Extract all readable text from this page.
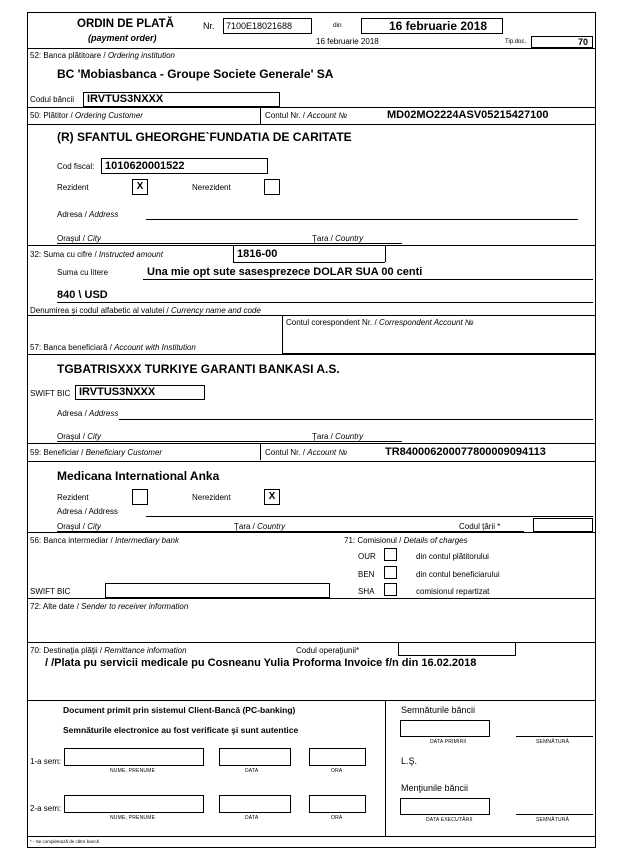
ORDIN DE PLATĂ
(payment order)
Nr.	7100E18021688	din	16 februarie 2018
16 februarie 2018	Tip.doc.	70
52: Banca plătitoare / Ordering institution
BC 'Mobiasbanca - Groupe Societe Generale' SA
Codul băncii	IRVTUS3NXXX
50: Plătitor / Ordering Customer	Contul Nr. / Account №	MD02MO2224ASV05215427100
(R) SFANTUL GHEORGHE`FUNDATIA DE CARITATE
Cod fiscal: 1010620001522
Rezident	X	Nerezident
Adresa / Address
Oraşul / City	Ţara / Country
32: Suma cu cifre / Instructed amount	1816-00
Suma cu litere	Una mie opt sute sasesprezece DOLAR SUA 00 centi
840 \ USD
Denumirea şi codul alfabetic al valutei / Currency name and code
Contul corespondent Nr. / Correspondent Account №
57: Banca beneficiară / Account with Institution
TGBATRISXXX TURKIYE GARANTI BANKASI A.S.
SWIFT BIC IRVTUS3NXXX
Adresa / Address
Oraşul / City	Ţara / Country
59: Beneficiar / Beneficiary Customer	Contul Nr. / Account №	TR840006200077800009094113
Medicana International Anka
Rezident	Nerezident	X
Adresa / Address
Oraşul / City	Ţara / Country	Codul ţării *
56: Banca intermediar / Intermediary bank	71: Comisionul / Details of charges
OUR	din contul plătitorului
BEN	din contul beneficiarului
SWIFT BIC	SHA	comisionul repartizat
72: Alte date / Sender to receiver information
70: Destinaţia plăţii / Remittance information	Codul operaţiunii*
/ /Plata pu servicii medicale pu Cosneanu Yulia Proforma Invoice f/n din 16.02.2018
Document primit prin sistemul Client-Bancă (PC-banking)
Semnăturile electronice au fost verificate şi sunt autentice
1-a sem:
NUME, PRENUME	DATA	ORA
2-a sem:
NUME, PRENUME	DATA	ORA
Semnăturile băncii
DATA PRIMIRII	SEMNĂTURĂ
L.Ş.
Menţiunile băncii
DATA EXECUTĂRII	SEMNĂTURĂ
* - Se completează de către bancă
